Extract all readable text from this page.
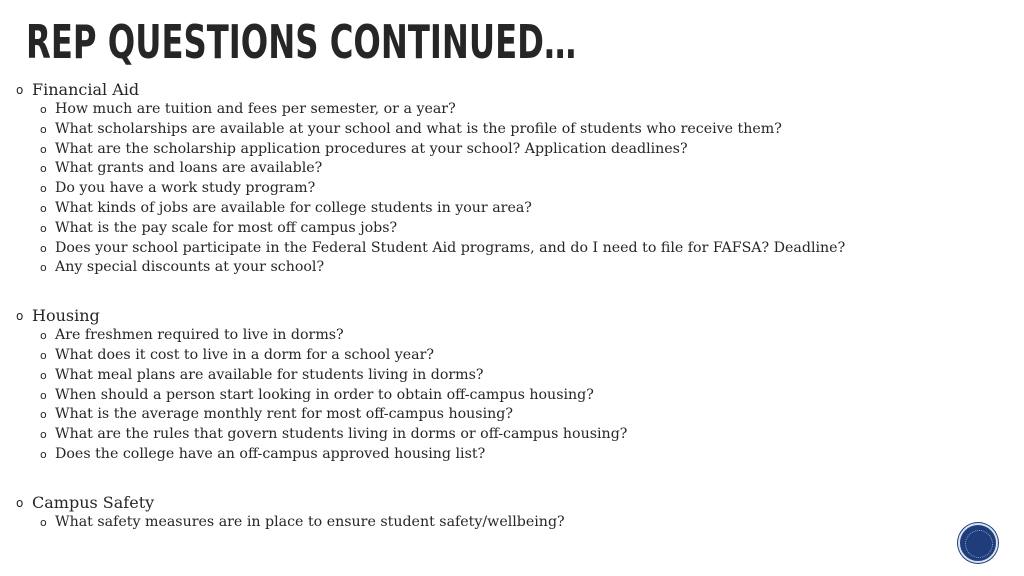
REP QUESTIONS CONTINUED…
o Financial Aid
o How much are tuition and fees per semester, or a year?
o What scholarships are available at your school and what is the profile of students who receive them?
o What are the scholarship application procedures at your school? Application deadlines?
o What grants and loans are available?
o Do you have a work study program?
o What kinds of jobs are available for college students in your area?
o What is the pay scale for most off campus jobs?
o Does your school participate in the Federal Student Aid programs, and do I need to file for FAFSA? Deadline?
o Any special discounts at your school?
o Housing
o Are freshmen required to live in dorms?
o What does it cost to live in a dorm for a school year?
o What meal plans are available for students living in dorms?
o When should a person start looking in order to obtain off-campus housing?
o What is the average monthly rent for most off-campus housing?
o What are the rules that govern students living in dorms or off-campus housing?
o Does the college have an off-campus approved housing list?
o Campus Safety
o What safety measures are in place to ensure student safety/wellbeing?
